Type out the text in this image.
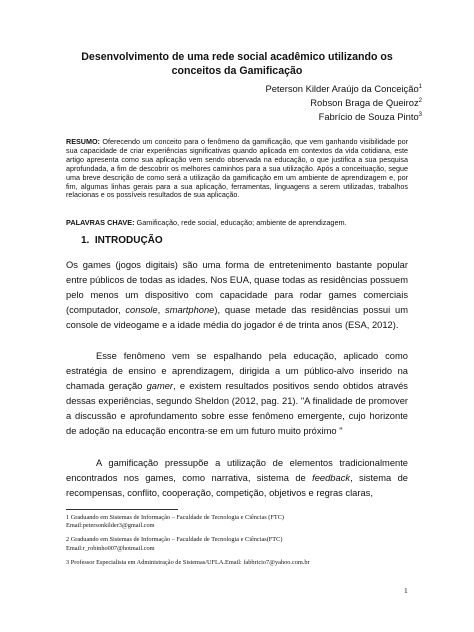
Desenvolvimento de uma rede social acadêmico utilizando os conceitos da Gamificação
Peterson Kilder Araújo da Conceição$^1$
Robson Braga de Queiroz$^2$
Fabrício de Souza Pinto$^3$

RESUMO: Oferecendo um conceito para o fenômeno da gamificação, que vem ganhando visibilidade por sua capacidade de criar experiências significativas quando aplicada em contextos da vida cotidiana, este artigo apresenta como sua aplicação vem sendo observada na educação, o que justifica a sua pesquisa aprofundada, a fim de descobrir os melhores caminhos para a sua utilização. Após a conceituação, segue uma breve descrição de como será a utilização da gamificação em um ambiente de aprendizagem e, por fim, algumas linhas gerais para a sua aplicação, ferramentas, linguagens a serem utilizadas, trabalhos relacionas e os possíveis resultados de sua aplicação.

PALAVRAS CHAVE: Gamificação, rede social, educação; ambiente de aprendizagem.

1. INTRODUÇÃO

Os games (jogos digitais) são uma forma de entretenimento bastante popular entre públicos de todas as idades. Nos EUA, quase todas as residências possuem pelo menos um dispositivo com capacidade para rodar games comerciais (computador, console, smartphone), quase metade das residências possui um console de videogame e a idade média do jogador é de trinta anos (ESA, 2012).

Esse fenômeno vem se espalhando pela educação, aplicado como estratégia de ensino e aprendizagem, dirigida a um público-alvo inserido na chamada geração gamer, e existem resultados positivos sendo obtidos através dessas experiências, segundo Sheldon (2012, pag. 21). "A finalidade de promover a discussão e aprofundamento sobre esse fenômeno emergente, cujo horizonte de adoção na educação encontra-se em um futuro muito próximo "

A gamificação pressupõe a utilização de elementos tradicionalmente encontrados nos games, como narrativa, sistema de feedback, sistema de recompensas, conflito, cooperação, competição, objetivos e regras claras,

1 Graduando em Sistemas de Informação – Faculdade de Tecnologia e Ciências (FTC)
Email:petersonkilder3@gmail.com

2 Graduando em Sistemas de Informação – Faculdade de Tecnologia e Ciências(FTC)
Email:r_robinho007@hotmail.com

3 Professor Especialista em Administração de Sistemas/UFLA.Email: fabbricio7@yahoo.com.br

1
